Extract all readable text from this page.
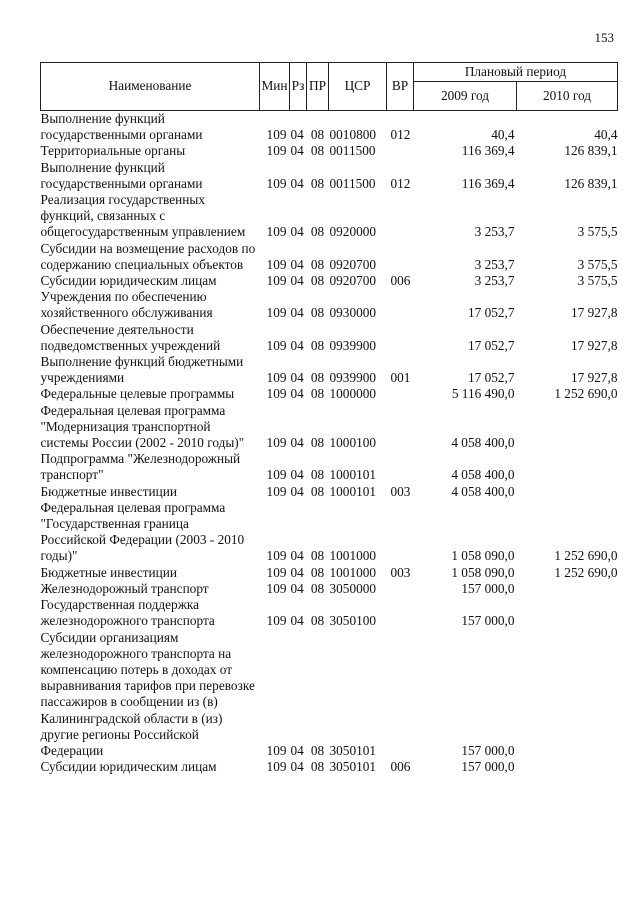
153
Наименование	Мин	Рз	ПР	ЦСР	ВР	Плановый период	
						2009 год	2010 год
Выполнение функций государственными органами	109	04	08	0010800	012	40,4	40,4
Территориальные органы	109	04	08	0011500		116 369,4	126 839,1
Выполнение функций государственными органами	109	04	08	0011500	012	116 369,4	126 839,1
Реализация государственных функций, связанных с общегосударственным управлением	109	04	08	0920000		3 253,7	3 575,5
Субсидии на возмещение расходов по содержанию специальных объектов	109	04	08	0920700		3 253,7	3 575,5
Субсидии юридическим лицам	109	04	08	0920700	006	3 253,7	3 575,5
Учреждения по обеспечению хозяйственного обслуживания	109	04	08	0930000		17 052,7	17 927,8
Обеспечение деятельности подведомственных учреждений	109	04	08	0939900		17 052,7	17 927,8
Выполнение функций бюджетными учреждениями	109	04	08	0939900	001	17 052,7	17 927,8
Федеральные целевые программы	109	04	08	1000000		5 116 490,0	1 252 690,0
Федеральная целевая программа "Модернизация транспортной системы России (2002 - 2010 годы)"	109	04	08	1000100		4 058 400,0	
Подпрограмма "Железнодорожный транспорт"	109	04	08	1000101		4 058 400,0	
Бюджетные инвестиции	109	04	08	1000101	003	4 058 400,0	
Федеральная целевая программа "Государственная граница Российской Федерации (2003 - 2010 годы)"	109	04	08	1001000		1 058 090,0	1 252 690,0
Бюджетные инвестиции	109	04	08	1001000	003	1 058 090,0	1 252 690,0
Железнодорожный транспорт	109	04	08	3050000		157 000,0	
Государственная поддержка железнодорожного транспорта	109	04	08	3050100		157 000,0	
Субсидии организациям железнодорожного транспорта на компенсацию потерь в доходах от выравнивания тарифов при перевозке пассажиров в сообщении из (в) Калининградской области в (из) другие регионы Российской Федерации	109	04	08	3050101		157 000,0	
Субсидии юридическим лицам	109	04	08	3050101	006	157 000,0	
